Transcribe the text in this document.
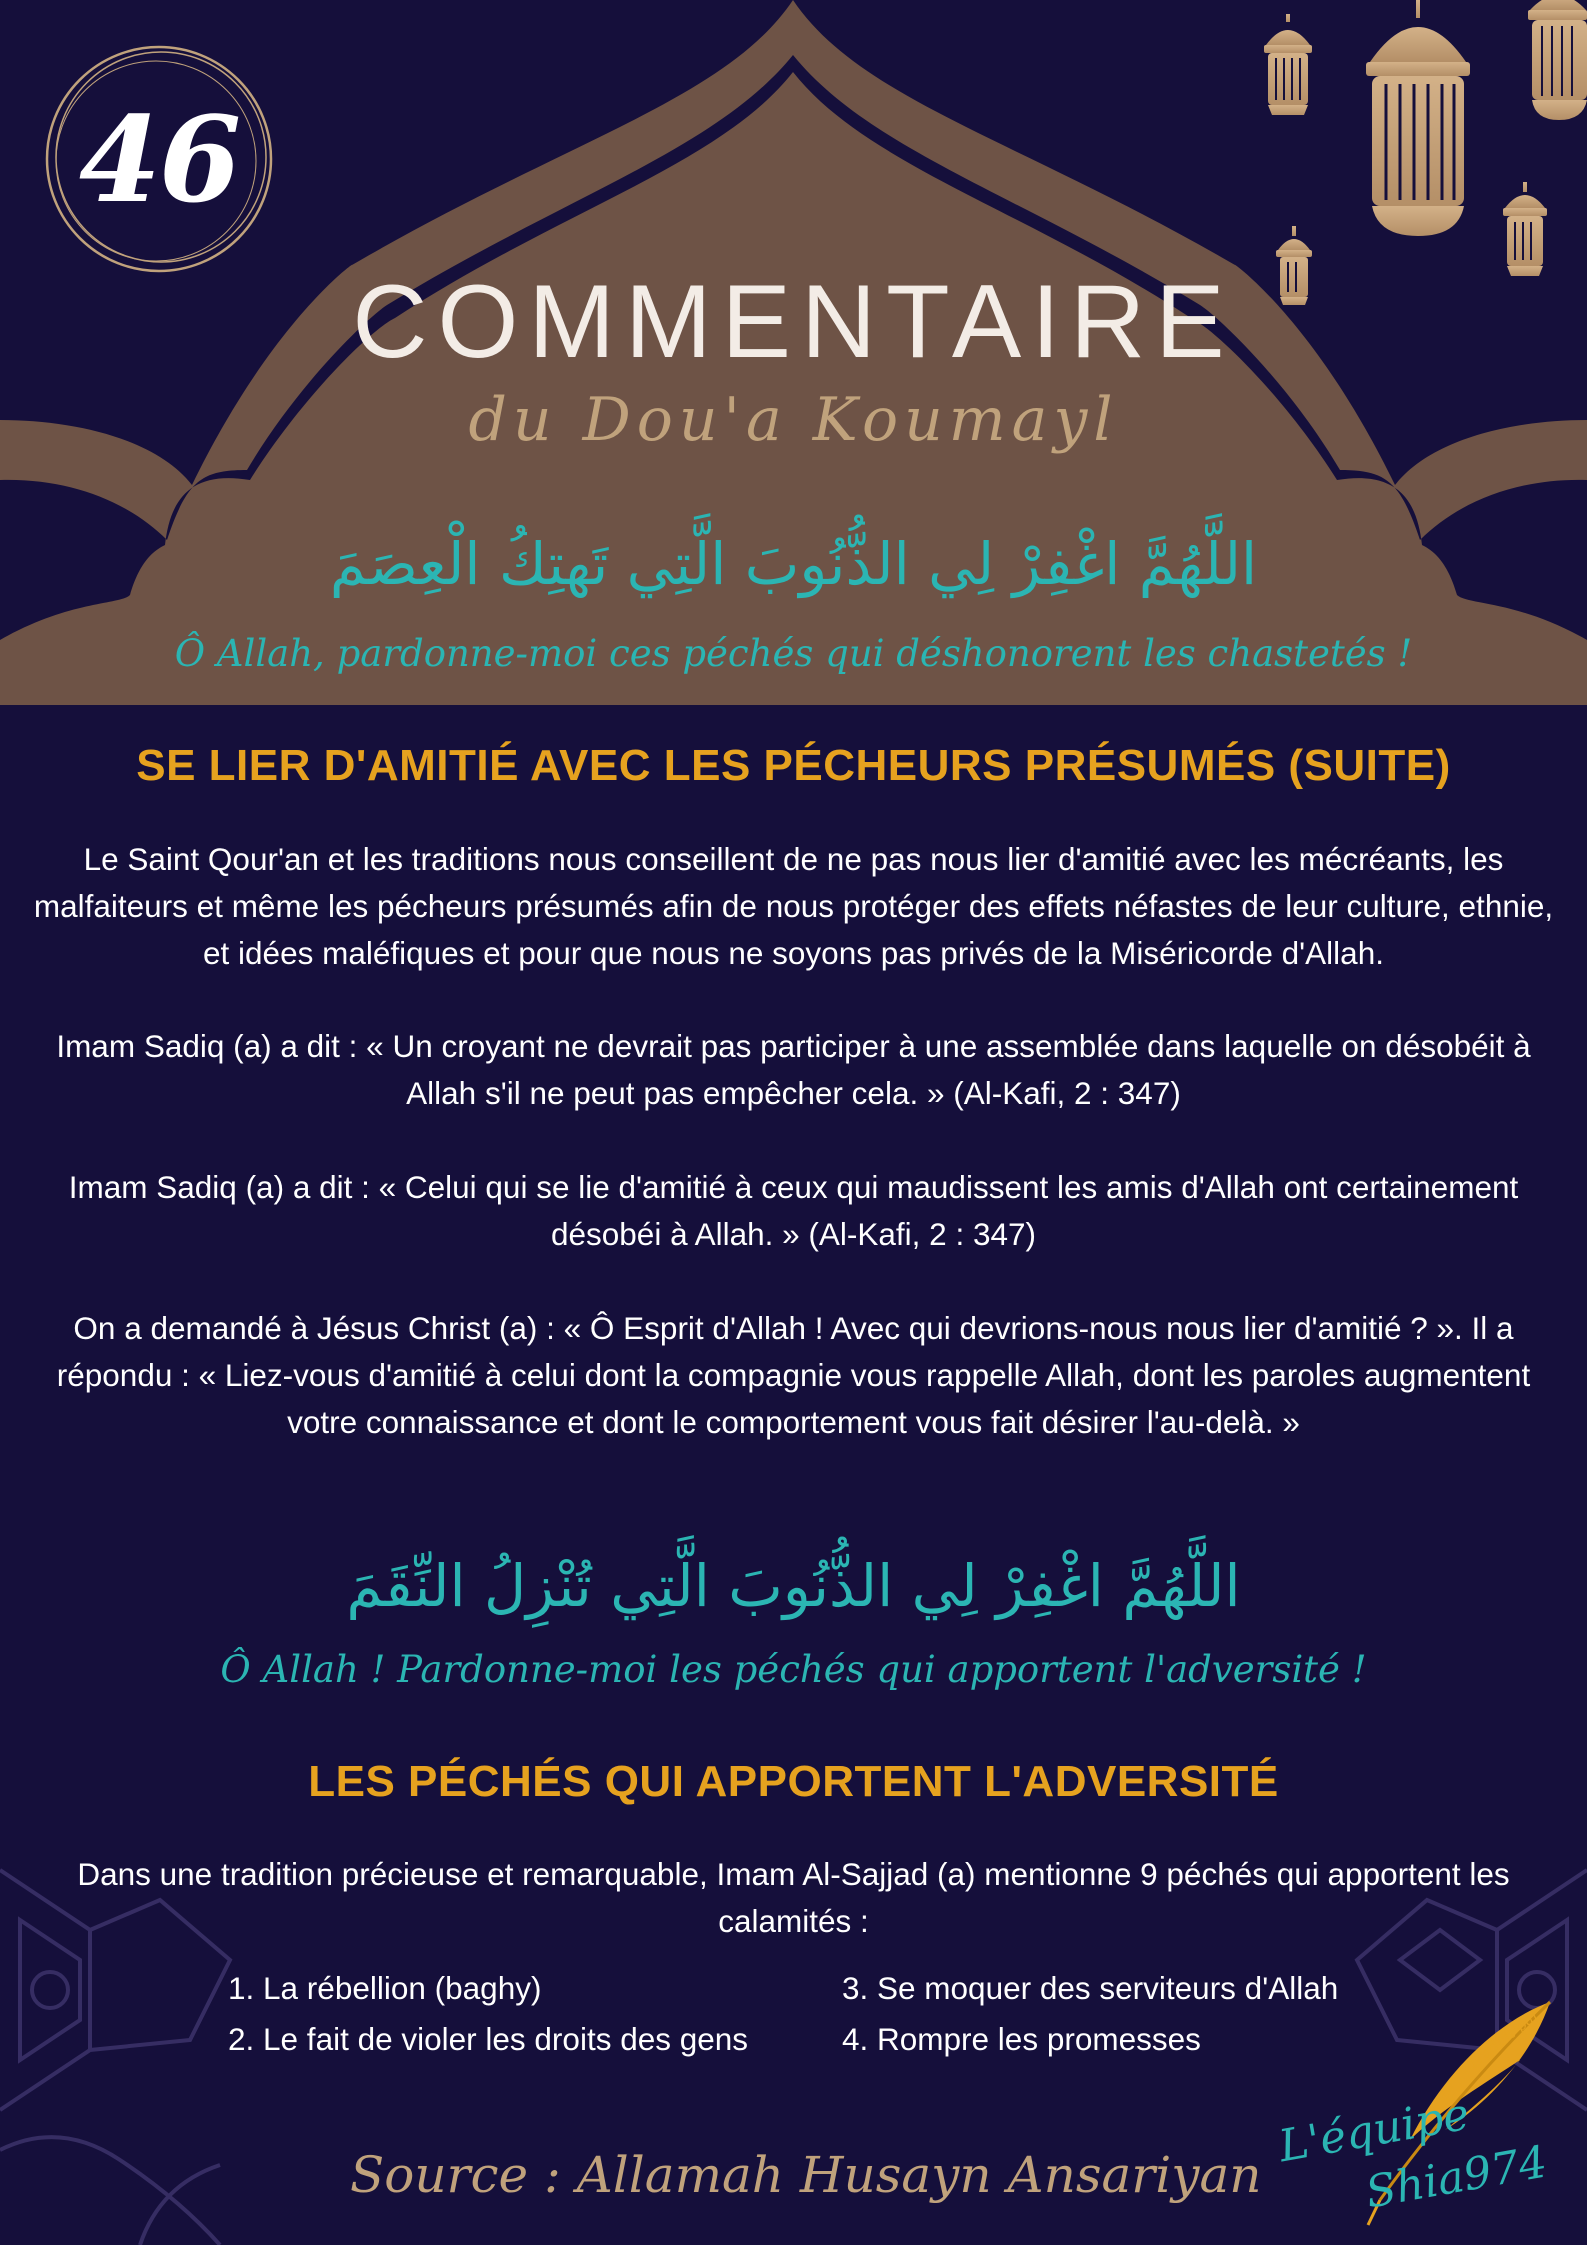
46
COMMENTAIRE
du Dou'a Koumayl
اللَّهُمَّ اغْفِرْ لِي الذُّنُوبَ الَّتِي تَهتِكُ الْعِصَمَ
Ô Allah, pardonne-moi ces péchés qui déshonorent les chastetés !
SE LIER D'AMITIÉ AVEC LES PÉCHEURS PRÉSUMÉS (SUITE)

Le Saint Qour'an et les traditions nous conseillent de ne pas nous lier d'amitié avec les mécréants, les malfaiteurs et même les pécheurs présumés afin de nous protéger des effets néfastes de leur culture, ethnie, et idées maléfiques et pour que nous ne soyons pas privés de la Miséricorde d'Allah.

Imam Sadiq (a) a dit : « Un croyant ne devrait pas participer à une assemblée dans laquelle on désobéit à Allah s'il ne peut pas empêcher cela. » (Al-Kafi, 2 : 347)

Imam Sadiq (a) a dit : « Celui qui se lie d'amitié à ceux qui maudissent les amis d'Allah ont certainement désobéi à Allah. » (Al-Kafi, 2 : 347)

On a demandé à Jésus Christ (a) : « Ô Esprit d'Allah ! Avec qui devrions-nous nous lier d'amitié ? ». Il a répondu : « Liez-vous d'amitié à celui dont la compagnie vous rappelle Allah, dont les paroles augmentent votre connaissance et dont le comportement vous fait désirer l'au-delà. »

اللَّهُمَّ اغْفِرْ لِي الذُّنُوبَ الَّتِي تُنْزِلُ النِّقَمَ
Ô Allah ! Pardonne-moi les péchés qui apportent l'adversité !
LES PÉCHÉS QUI APPORTENT L'ADVERSITÉ

Dans une tradition précieuse et remarquable, Imam Al-Sajjad (a) mentionne 9 péchés qui apportent les calamités :

1. La rébellion (baghy)
2. Le fait de violer les droits des gens
3. Se moquer des serviteurs d'Allah
4. Rompre les promesses
Source : Allamah Husayn Ansariyan
Traduit par
L'équipe
Shia974
